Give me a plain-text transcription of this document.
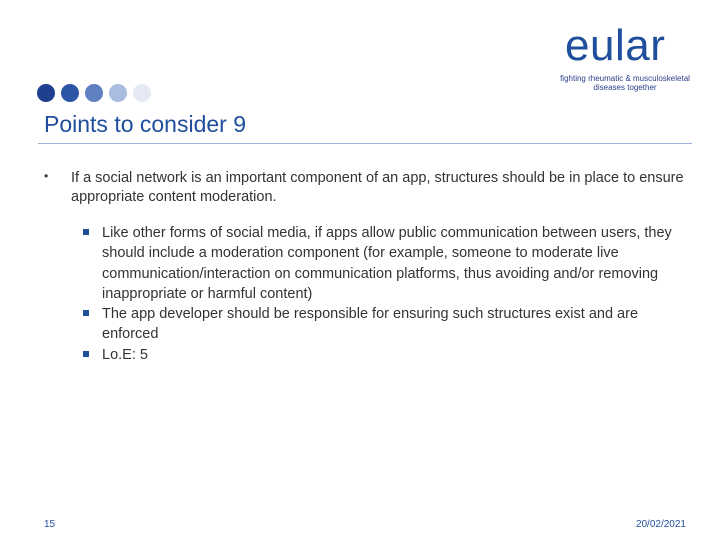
eular
fighting rheumatic & musculoskeletal
diseases together
Points to consider 9
• If a social network is an important component of an app, structures should be in place to ensure appropriate content moderation.
Like other forms of social media, if apps allow public communication between users, they should include a moderation component (for example, someone to moderate live communication/interaction on communication platforms, thus avoiding and/or removing inappropriate or harmful content)
The app developer should be responsible for ensuring such structures exist and are enforced
Lo.E: 5
15	20/02/2021
